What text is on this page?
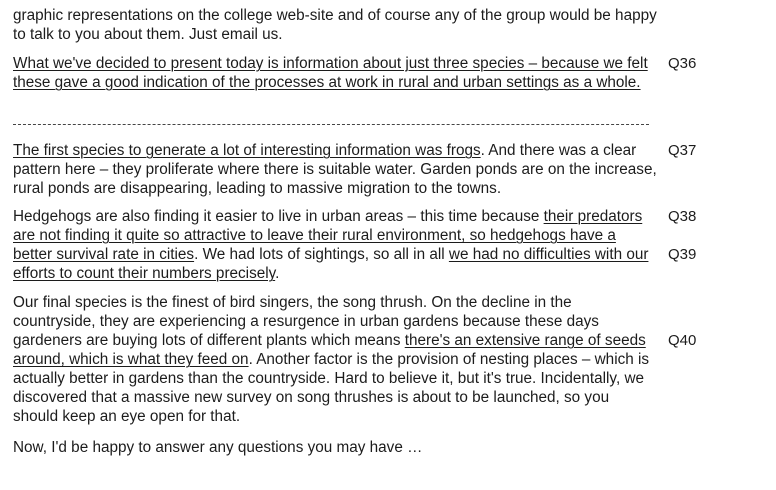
graphic representations on the college web-site and of course any of the group would be happy to talk to you about them. Just email us.

What we've decided to present today is information about just three species – because we felt these gave a good indication of the processes at work in rural and urban settings as a whole.

Q36

The first species to generate a lot of interesting information was frogs. And there was a clear pattern here – they proliferate where there is suitable water. Garden ponds are on the increase, rural ponds are disappearing, leading to massive migration to the towns.

Q37

Hedgehogs are also finding it easier to live in urban areas – this time because their predators are not finding it quite so attractive to leave their rural environment, so hedgehogs have a better survival rate in cities. We had lots of sightings, so all in all we had no difficulties with our efforts to count their numbers precisely.

Q38
Q39

Our final species is the finest of bird singers, the song thrush. On the decline in the countryside, they are experiencing a resurgence in urban gardens because these days gardeners are buying lots of different plants which means there's an extensive range of seeds around, which is what they feed on. Another factor is the provision of nesting places – which is actually better in gardens than the countryside. Hard to believe it, but it's true. Incidentally, we discovered that a massive new survey on song thrushes is about to be launched, so you should keep an eye open for that.

Q40

Now, I'd be happy to answer any questions you may have …
